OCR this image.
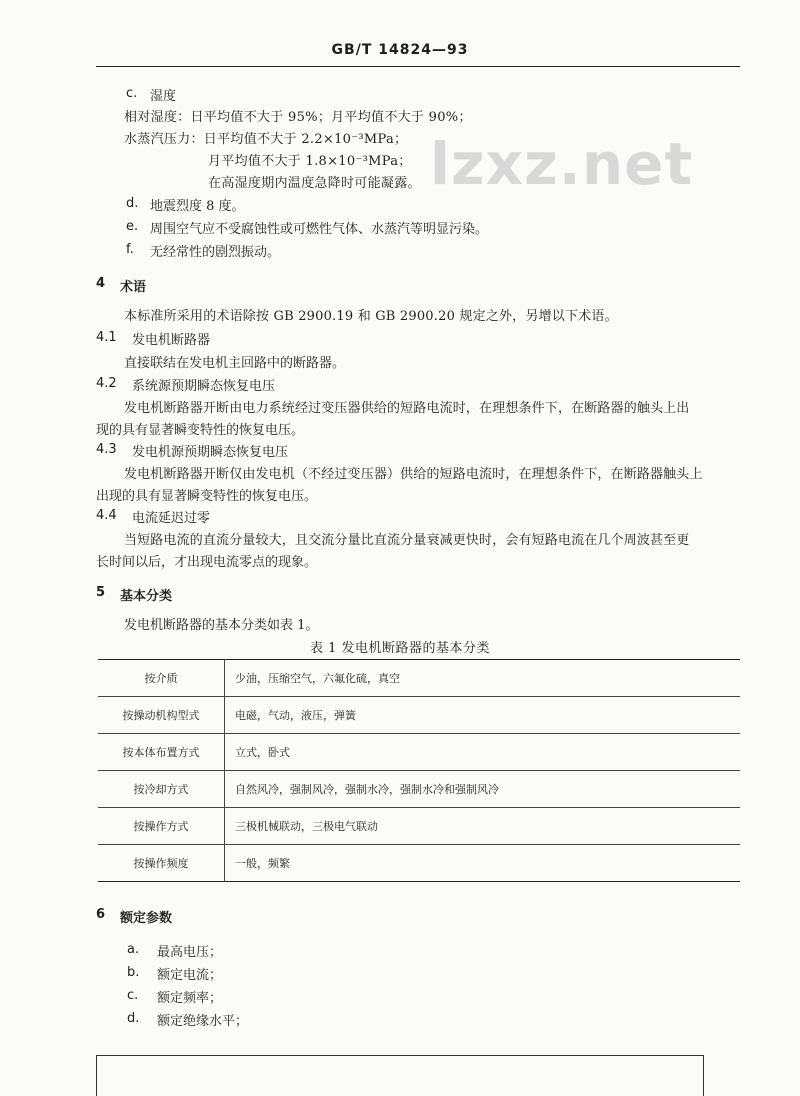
GB/T 14824—93
lzxz.net
c. 湿度
相对湿度：日平均值不大于 95%；月平均值不大于 90%；
水蒸汽压力：日平均值不大于 2.2×10⁻³MPa；
月平均值不大于 1.8×10⁻³MPa；
在高湿度期内温度急降时可能凝露。
d. 地震烈度 8 度。
e. 周围空气应不受腐蚀性或可燃性气体、水蒸汽等明显污染。
f. 无经常性的剧烈振动。
4 术语
本标准所采用的术语除按 GB 2900.19 和 GB 2900.20 规定之外，另增以下术语。
4.1 发电机断路器
直接联结在发电机主回路中的断路器。
4.2 系统源预期瞬态恢复电压
发电机断路器开断由电力系统经过变压器供给的短路电流时，在理想条件下，在断路器的触头上出
现的具有显著瞬变特性的恢复电压。
4.3 发电机源预期瞬态恢复电压
发电机断路器开断仅由发电机（不经过变压器）供给的短路电流时，在理想条件下，在断路器触头上
出现的具有显著瞬变特性的恢复电压。
4.4 电流延迟过零
当短路电流的直流分量较大，且交流分量比直流分量衰减更快时，会有短路电流在几个周波甚至更
长时间以后，才出现电流零点的现象。
5 基本分类
发电机断路器的基本分类如表 1。
表 1 发电机断路器的基本分类
按介质	少油，压缩空气，六氟化硫，真空
按操动机构型式	电磁，气动，液压，弹簧
按本体布置方式	立式，卧式
按冷却方式	自然风冷，强制风冷，强制水冷，强制水冷和强制风冷
按操作方式	三极机械联动，三极电气联动
按操作频度	一般，频繁
6 额定参数
a. 最高电压；
b. 额定电流；
c. 额定频率；
d. 额定绝缘水平；
